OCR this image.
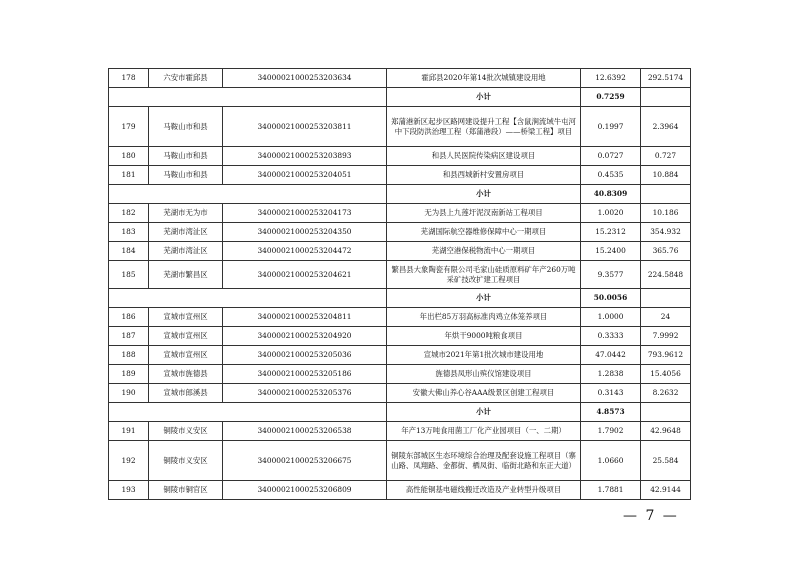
178	六安市霍邱县	34000021000253203634	霍邱县2020年第14批次城镇建设用地	12.6392	292.5174
			小计	0.7259	
179	马鞍山市和县	34000021000253203811	郑蒲港新区起步区路网建设提升工程【含鼠涧流域牛屯河中下段防洪治理工程（郑蒲港段）——桥梁工程】项目	0.1997	2.3964
180	马鞍山市和县	34000021000253203893	和县人民医院传染病区建设项目	0.0727	0.727
181	马鞍山市和县	34000021000253204051	和县西城新村安置房项目	0.4535	10.884
			小计	40.8309	
182	芜湖市无为市	34000021000253204173	无为县上九莲圩泥汊南新站工程项目	1.0020	10.186
183	芜湖市湾沚区	34000021000253204350	芜湖国际航空器维修保障中心一期项目	15.2312	354.932
184	芜湖市湾沚区	34000021000253204472	芜湖空港保税物流中心一期项目	15.2400	365.76
185	芜湖市繁昌区	34000021000253204621	繁昌县大象陶瓷有限公司毛家山硅质原料矿年产260万吨采矿技改扩建工程项目	9.3577	224.5848
			小计	50.0056	
186	宣城市宣州区	34000021000253204811	年出栏85万羽高标准肉鸡立体笼养项目	1.0000	24
187	宣城市宣州区	34000021000253204920	年烘干9000吨粮食项目	0.3333	7.9992
188	宣城市宣州区	34000021000253205036	宣城市2021年第1批次城市建设用地	47.0442	793.9612
189	宣城市旌德县	34000021000253205186	旌德县凤形山殡仪馆建设项目	1.2838	15.4056
190	宣城市郎溪县	34000021000253205376	安徽大佛山养心谷AAA级景区创建工程项目	0.3143	8.2632
			小计	4.8573	
191	铜陵市义安区	34000021000253206538	年产13万吨食用菌工厂化产业园项目（一、二期）	1.7902	42.9648
192	铜陵市义安区	34000021000253206675	铜陵东部城区生态环境综合治理及配套设施工程项目（寨山路、凤翔路、金都街、栖凤街、临街北路和东正大道）	1.0660	25.584
193	铜陵市铜官区	34000021000253206809	高性能铜基电磁线搬迁改造及产业转型升级项目	1.7881	42.9144
— 7 —
